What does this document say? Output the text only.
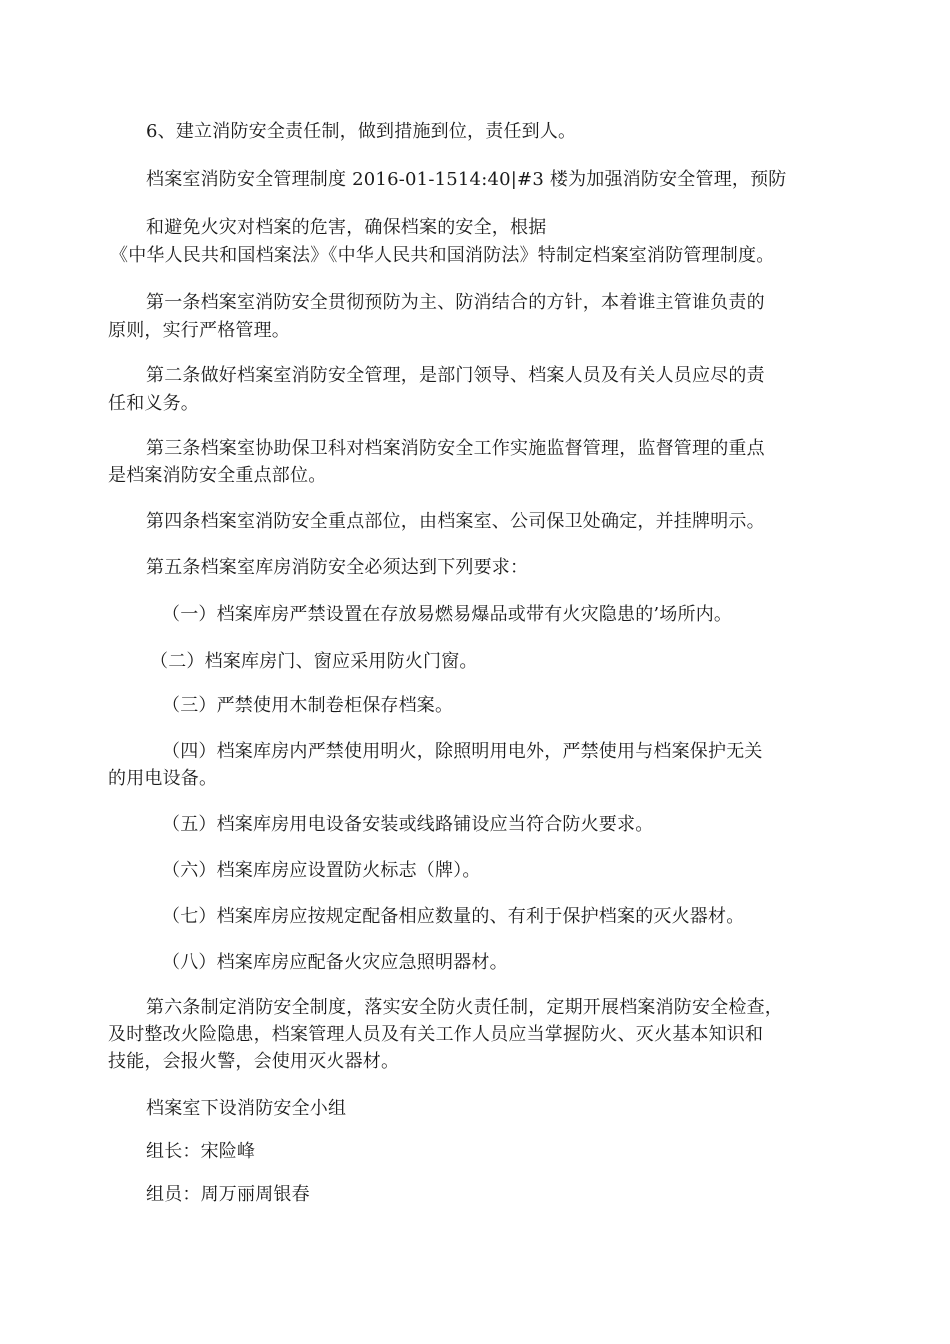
6、建立消防安全责任制，做到措施到位，责任到人。
档案室消防安全管理制度 2016-01-1514:40|#3 楼为加强消防安全管理，预防
和避免火灾对档案的危害，确保档案的安全，根据
《中华人民共和国档案法》《中华人民共和国消防法》特制定档案室消防管理制度。
第一条档案室消防安全贯彻预防为主、防消结合的方针，本着谁主管谁负责的
原则，实行严格管理。
第二条做好档案室消防安全管理，是部门领导、档案人员及有关人员应尽的责
任和义务。
第三条档案室协助保卫科对档案消防安全工作实施监督管理，监督管理的重点
是档案消防安全重点部位。
第四条档案室消防安全重点部位，由档案室、公司保卫处确定，并挂牌明示。
第五条档案室库房消防安全必须达到下列要求：
（一）档案库房严禁设置在存放易燃易爆品或带有火灾隐患的’场所内。
（二）档案库房门、窗应采用防火门窗。
（三）严禁使用木制卷柜保存档案。
（四）档案库房内严禁使用明火，除照明用电外，严禁使用与档案保护无关
的用电设备。
（五）档案库房用电设备安装或线路铺设应当符合防火要求。
（六）档案库房应设置防火标志（牌）。
（七）档案库房应按规定配备相应数量的、有利于保护档案的灭火器材。
（八）档案库房应配备火灾应急照明器材。
第六条制定消防安全制度，落实安全防火责任制，定期开展档案消防安全检查，
及时整改火险隐患，档案管理人员及有关工作人员应当掌握防火、灭火基本知识和
技能，会报火警，会使用灭火器材。
档案室下设消防安全小组
组长：宋险峰
组员：周万丽周银春
